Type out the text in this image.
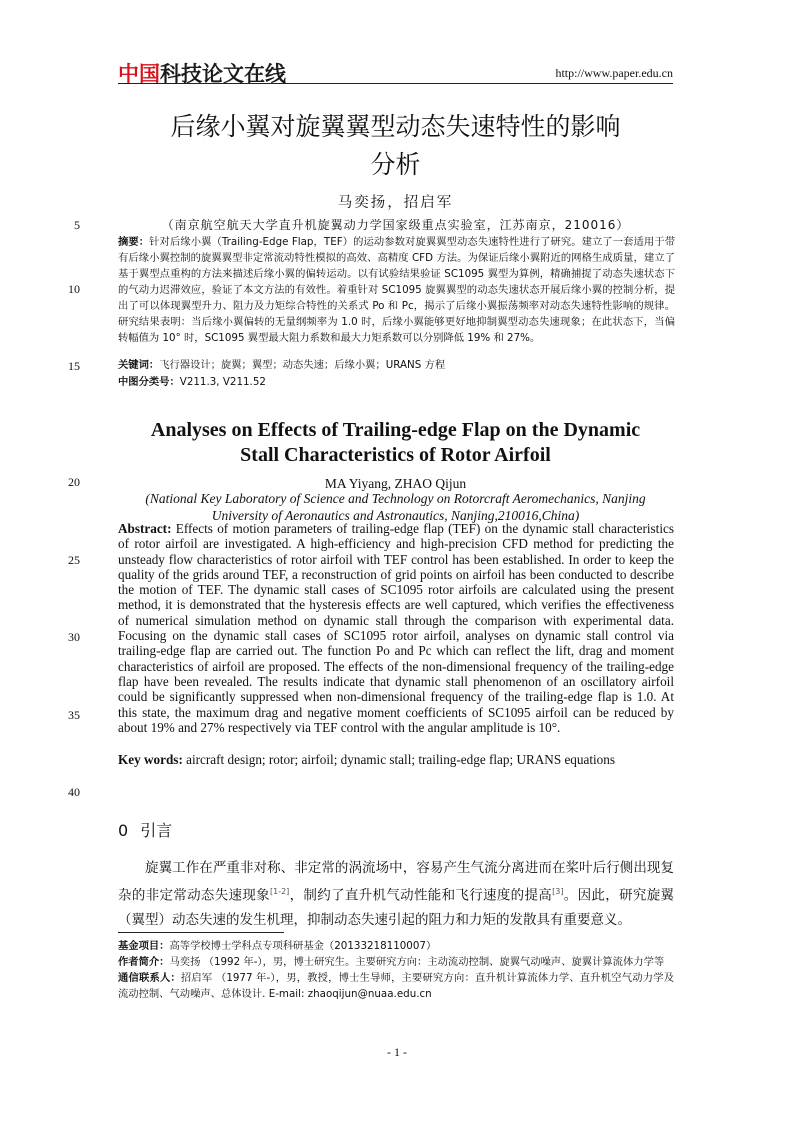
中国科技论文在线	http://www.paper.edu.cn
5
10
15
20
25
30
35
40
后缘小翼对旋翼翼型动态失速特性的影响
分析
马奕扬，招启军
（南京航空航天大学直升机旋翼动力学国家级重点实验室，江苏南京，210016）
摘要：针对后缘小翼（Trailing-Edge Flap，TEF）的运动参数对旋翼翼型动态失速特性进行了研究。建立了一套适用于带有后缘小翼控制的旋翼翼型非定常流动特性模拟的高效、高精度 CFD 方法。为保证后缘小翼附近的网格生成质量，建立了基于翼型点重构的方法来描述后缘小翼的偏转运动。以有试验结果验证 SC1095 翼型为算例，精确捕捉了动态失速状态下的气动力迟滞效应，验证了本文方法的有效性。着重针对 SC1095 旋翼翼型的动态失速状态开展后缘小翼的控制分析，提出了可以体现翼型升力、阻力及力矩综合特性的关系式 Po 和 Pc，揭示了后缘小翼振荡频率对动态失速特性影响的规律。研究结果表明：当后缘小翼偏转的无量纲频率为 1.0 时，后缘小翼能够更好地抑制翼型动态失速现象；在此状态下，当偏转幅值为 10° 时，SC1095 翼型最大阻力系数和最大力矩系数可以分别降低 19% 和 27%。
关键词：飞行器设计；旋翼；翼型；动态失速；后缘小翼；URANS 方程
中图分类号：V211.3, V211.52
Analyses on Effects of Trailing-edge Flap on the Dynamic
Stall Characteristics of Rotor Airfoil
MA Yiyang, ZHAO Qijun
(National Key Laboratory of Science and Technology on Rotorcraft Aeromechanics, Nanjing
University of Aeronautics and Astronautics, Nanjing,210016,China)
Abstract: Effects of motion parameters of trailing-edge flap (TEF) on the dynamic stall characteristics of rotor airfoil are investigated. A high-efficiency and high-precision CFD method for predicting the unsteady flow characteristics of rotor airfoil with TEF control has been established. In order to keep the quality of the grids around TEF, a reconstruction of grid points on airfoil has been conducted to describe the motion of TEF. The dynamic stall cases of SC1095 rotor airfoils are calculated using the present method, it is demonstrated that the hysteresis effects are well captured, which verifies the effectiveness of numerical simulation method on dynamic stall through the comparison with experimental data. Focusing on the dynamic stall cases of SC1095 rotor airfoil, analyses on dynamic stall control via trailing-edge flap are carried out. The function Po and Pc which can reflect the lift, drag and moment characteristics of airfoil are proposed. The effects of the non-dimensional frequency of the trailing-edge flap have been revealed. The results indicate that dynamic stall phenomenon of an oscillatory airfoil could be significantly suppressed when non-dimensional frequency of the trailing-edge flap is 1.0. At this state, the maximum drag and negative moment coefficients of SC1095 airfoil can be reduced by about 19% and 27% respectively via TEF control with the angular amplitude is 10°.
Key words: aircraft design; rotor; airfoil; dynamic stall; trailing-edge flap; URANS equations
0 引言
旋翼工作在严重非对称、非定常的涡流场中，容易产生气流分离进而在桨叶后行侧出现复杂的非定常动态失速现象[1-2]，制约了直升机气动性能和飞行速度的提高[3]。因此，研究旋翼（翼型）动态失速的发生机理，抑制动态失速引起的阻力和力矩的发散具有重要意义。

基金项目：高等学校博士学科点专项科研基金（20133218110007）

作者简介：马奕扬 （1992 年-），男，博士研究生。主要研究方向：主动流动控制、旋翼气动噪声、旋翼计算流体力学等

通信联系人：招启军 （1977 年-），男，教授，博士生导师，主要研究方向：直升机计算流体力学、直升机空气动力学及流动控制、气动噪声、总体设计. E-mail: zhaoqijun@nuaa.edu.cn

- 1 -
